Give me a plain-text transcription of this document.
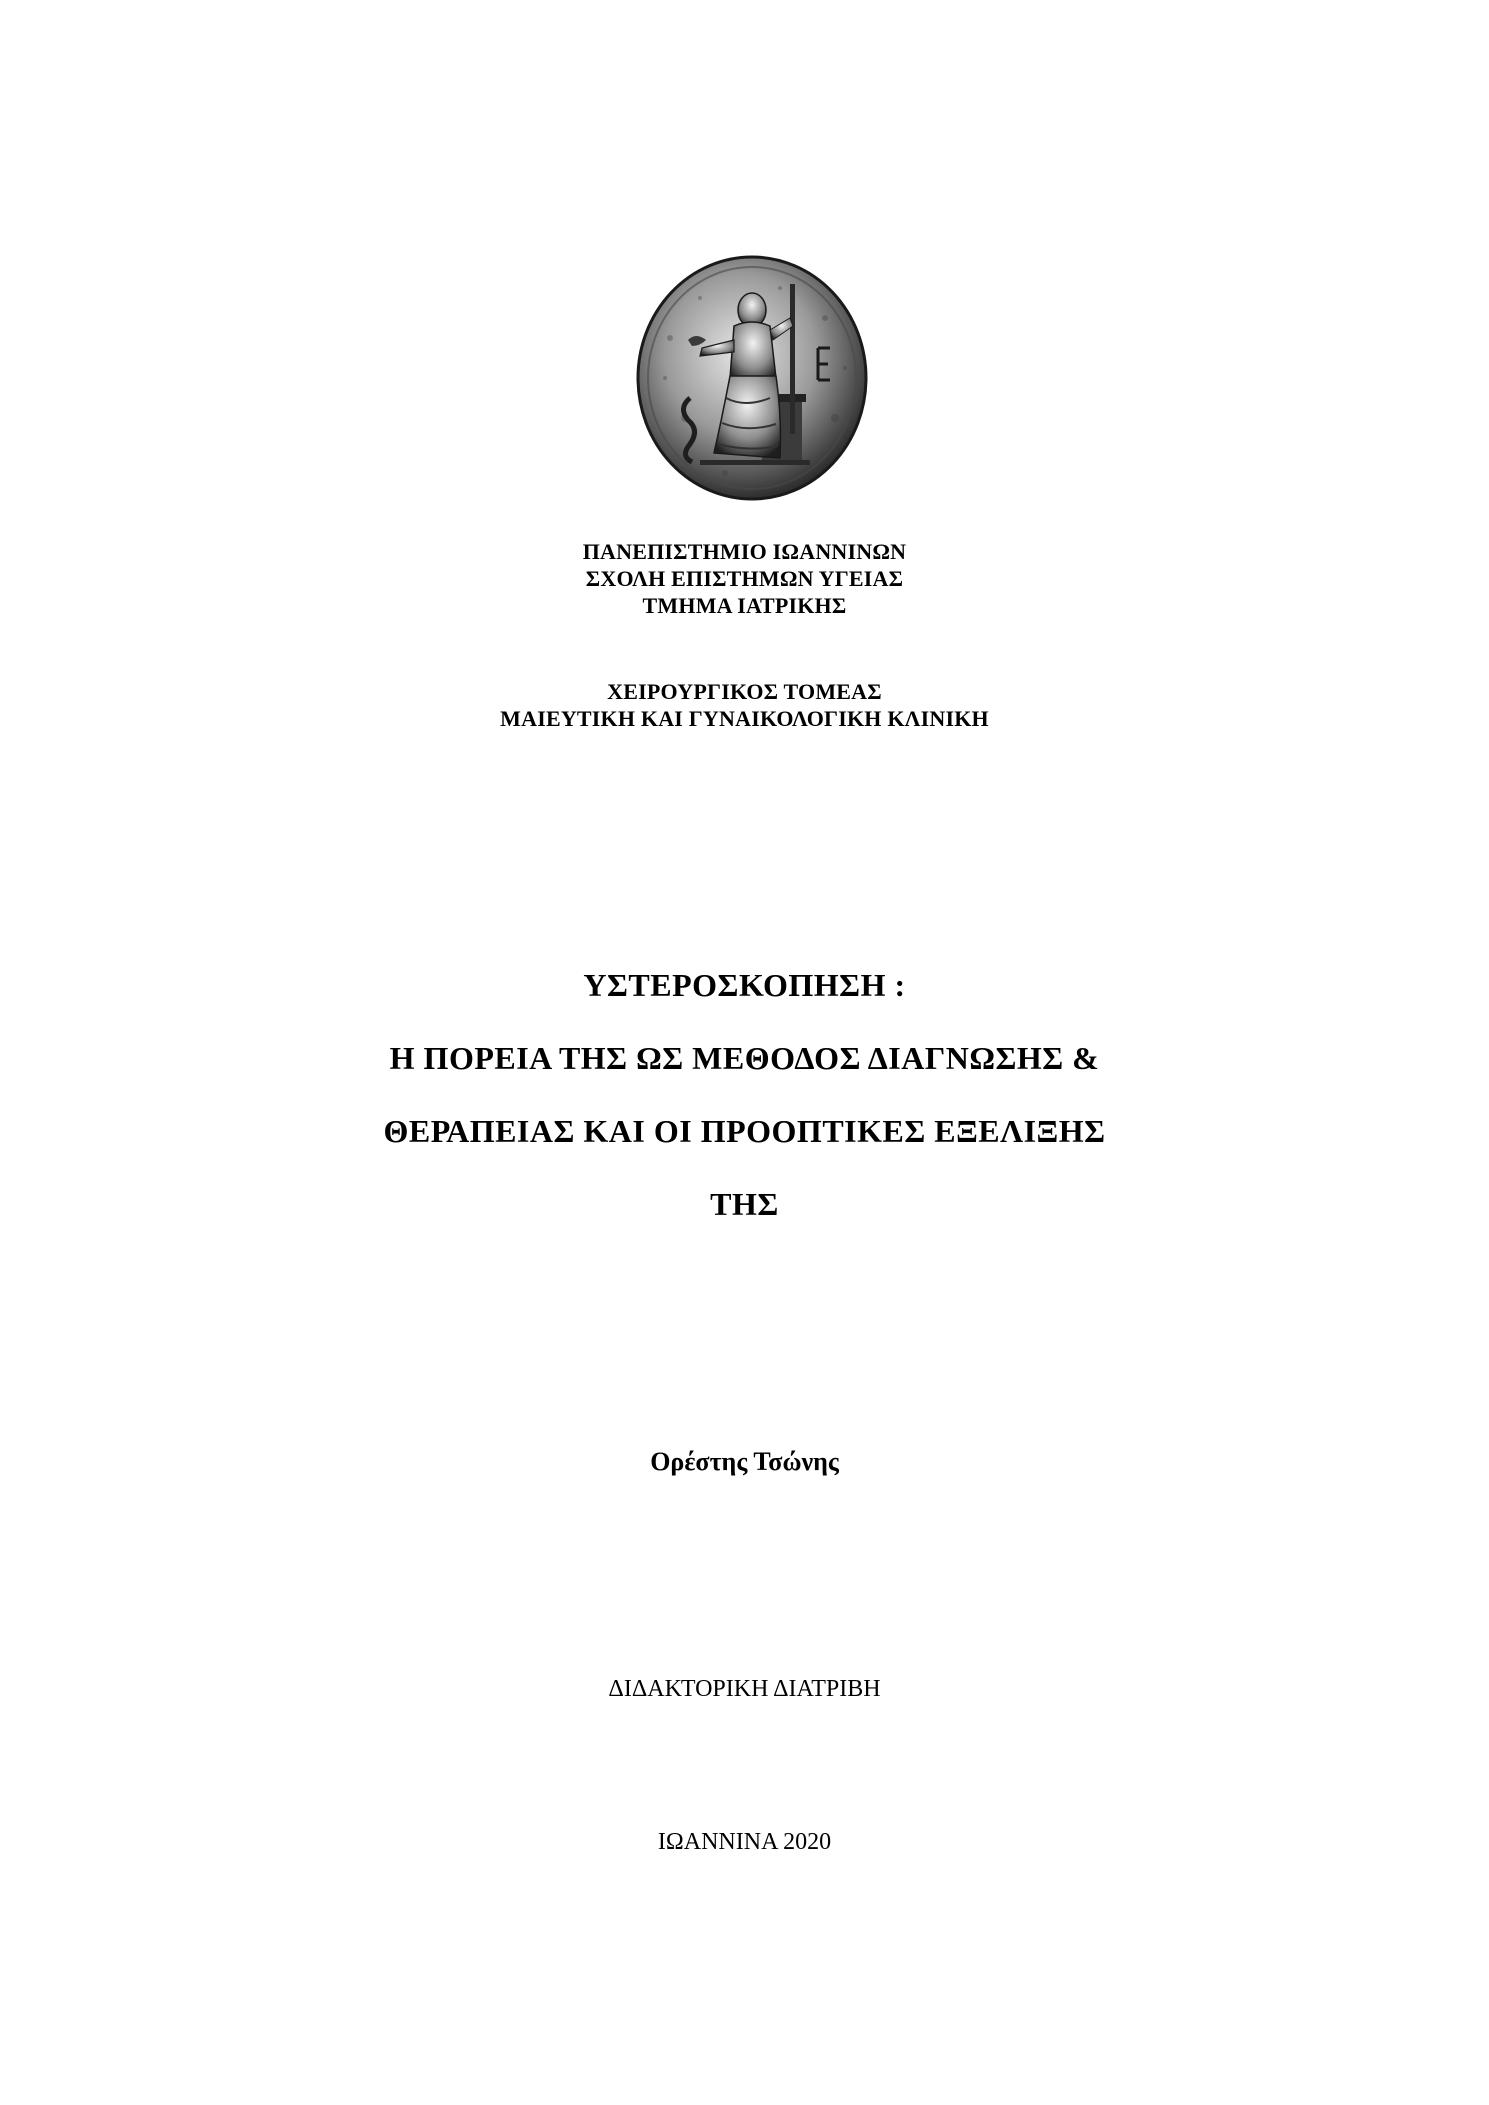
ΠΑΝΕΠΙΣΤΗΜΙΟ ΙΩΑΝΝΙΝΩΝ
ΣΧΟΛΗ ΕΠΙΣΤΗΜΩΝ ΥΓΕΙΑΣ
ΤΜΗΜΑ ΙΑΤΡΙΚΗΣ
ΧΕΙΡΟΥΡΓΙΚΟΣ ΤΟΜΕΑΣ
ΜΑΙΕΥΤΙΚΗ ΚΑΙ ΓΥΝΑΙΚΟΛΟΓΙΚΗ ΚΛΙΝΙΚΗ
ΥΣΤΕΡΟΣΚΟΠΗΣΗ :
Η ΠΟΡΕΙΑ ΤΗΣ ΩΣ ΜΕΘΟΔΟΣ ΔΙΑΓΝΩΣΗΣ &
ΘΕΡΑΠΕΙΑΣ ΚΑΙ ΟΙ ΠΡΟΟΠΤΙΚΕΣ ΕΞΕΛΙΞΗΣ
ΤΗΣ
Ορέστης Τσώνης
ΔΙΔΑΚΤΟΡΙΚΗ ΔΙΑΤΡΙΒΗ
ΙΩΑΝΝΙΝΑ 2020
